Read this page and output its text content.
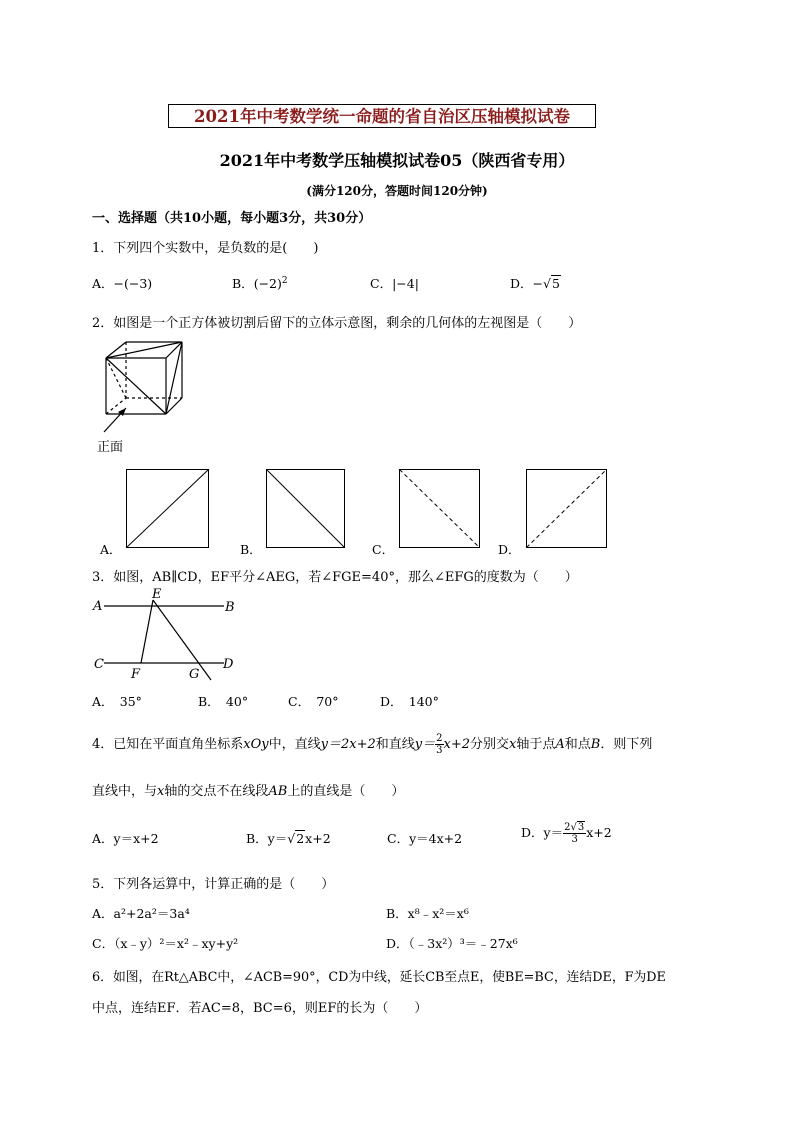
2021年中考数学统一命题的省自治区压轴模拟试卷
2021年中考数学压轴模拟试卷05（陕西省专用）
(满分120分，答题时间120分钟)
一、选择题（共10小题，每小题3分，共30分）
1．下列四个实数中，是负数的是(　　)
A．−(−3)	B．$(-2)^2$	C．|−4|	D．−√5
2．如图是一个正方体被切割后留下的立体示意图，剩余的几何体的左视图是（　　）
正面
A．	B．	C．	D．
3．如图，AB∥CD，EF平分∠AEG，若∠FGE=40°，那么∠EFG的度数为（　　）
A	B
C	D
E
F	G
A．　35°	B．　40°	C．　70°	D．　140°
4．已知在平面直角坐标系xOy中，直线y＝2x+2和直线$y= \frac{2}{3} x+2$分别交x轴于点A和点B．则下列
直线中，与x轴的交点不在线段AB上的直线是（　　）
A．y＝x+2	B．y＝√2x+2	C．y＝4x+2	D．$y= \frac{2√3}{3} x+2$
5．下列各运算中，计算正确的是（　　）
A．a²+2a²＝3a⁴	B．x⁸﹣x²＝x⁶
C．（x﹣y）²＝x²﹣xy+y²	D．（﹣3x²）³＝﹣27x⁶
6．如图，在Rt△ABC中，∠ACB=90°，CD为中线，延长CB至点E，使BE=BC，连结DE，F为DE
中点，连结EF．若AC=8，BC=6，则EF的长为（　　）
